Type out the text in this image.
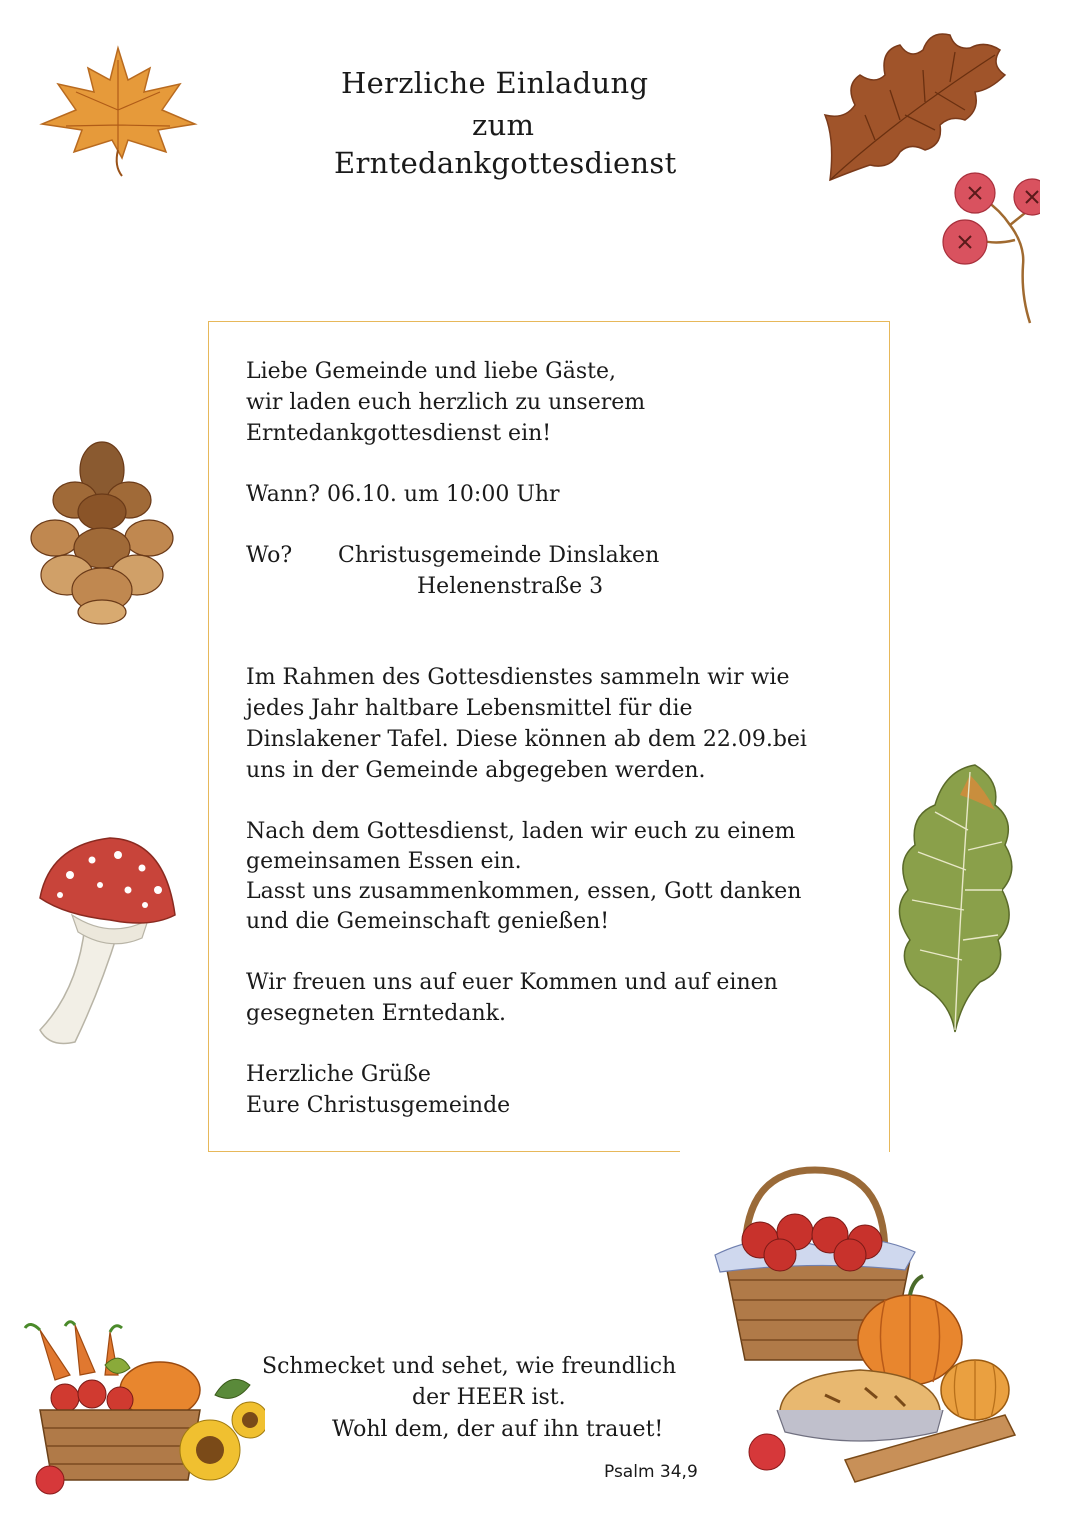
Herzliche Einladung
zum
Erntedankgottesdienst
Liebe Gemeinde und liebe Gäste,
wir laden euch herzlich zu unserem
Erntedankgottesdienst ein!
Wann? 06.10. um 10:00 Uhr
Wo? Christusgemeinde Dinslaken
Helenenstraße 3
Im Rahmen des Gottesdienstes sammeln wir wie
jedes Jahr haltbare Lebensmittel für die
Dinslakener Tafel. Diese können ab dem 22.09.bei
uns in der Gemeinde abgegeben werden.
Nach dem Gottesdienst, laden wir euch zu einem
gemeinsamen Essen ein.
Lasst uns zusammenkommen, essen, Gott danken
und die Gemeinschaft genießen!
Wir freuen uns auf euer Kommen und auf einen
gesegneten Erntedank.
Herzliche Grüße
Eure Christusgemeinde
Schmecket und sehet, wie freundlich
der HEER ist.
Wohl dem, der auf ihn trauet!
Psalm 34,9
